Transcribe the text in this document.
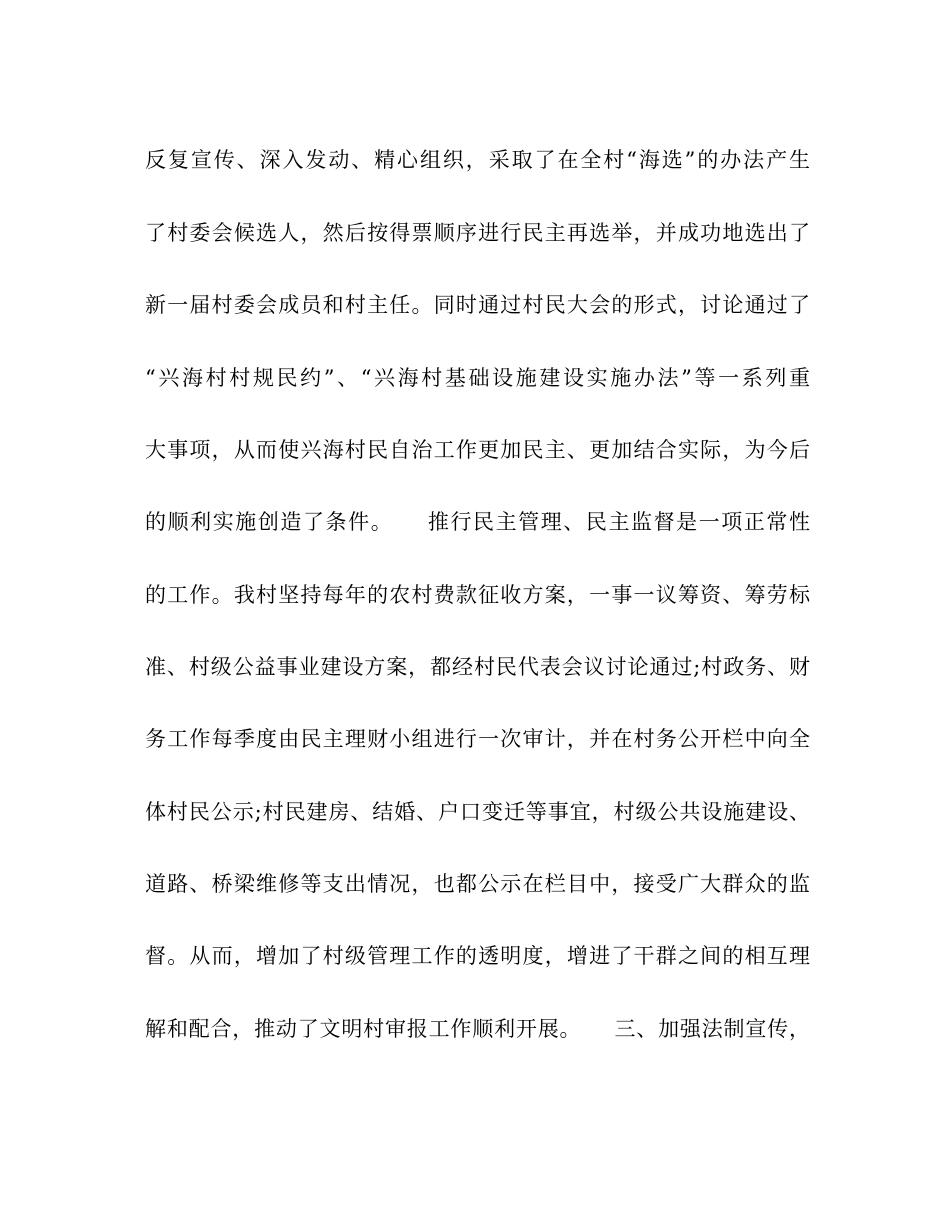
反复宣传、深入发动、精心组织，采取了在全村“海选”的办法产生
了村委会候选人，然后按得票顺序进行民主再选举，并成功地选出了
新一届村委会成员和村主任。同时通过村民大会的形式，讨论通过了
“兴海村村规民约”、“兴海村基础设施建设实施办法”等一系列重
大事项，从而使兴海村民自治工作更加民主、更加结合实际，为今后
的顺利实施创造了条件。　　推行民主管理、民主监督是一项正常性
的工作。我村坚持每年的农村费款征收方案，一事一议筹资、筹劳标
准、村级公益事业建设方案，都经村民代表会议讨论通过;村政务、财
务工作每季度由民主理财小组进行一次审计，并在村务公开栏中向全
体村民公示;村民建房、结婚、户口变迁等事宜，村级公共设施建设、
道路、桥梁维修等支出情况，也都公示在栏目中，接受广大群众的监
督。从而，增加了村级管理工作的透明度，增进了干群之间的相互理
解和配合，推动了文明村审报工作顺利开展。　　三、加强法制宣传，
